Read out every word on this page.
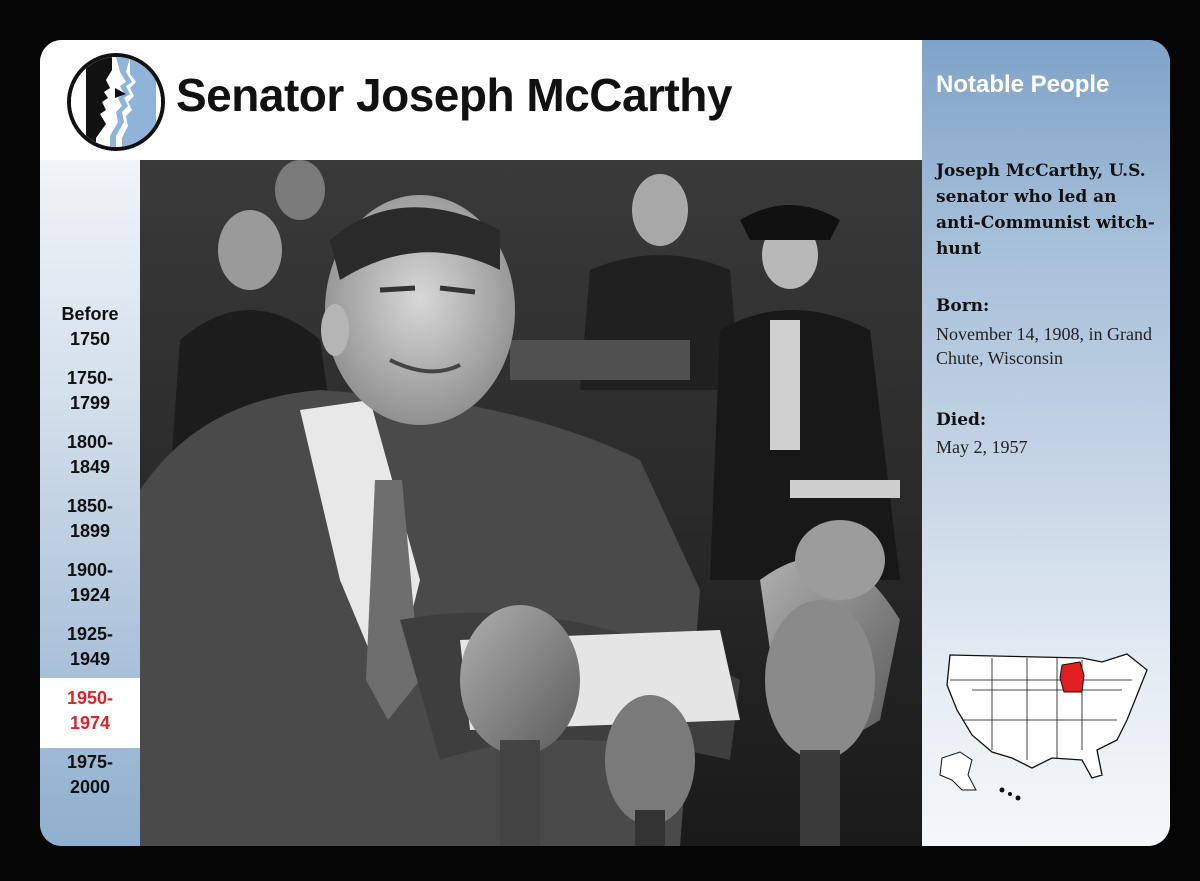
Senator Joseph McCarthy
Before
1750
1750-
1799
1800-
1849
1850-
1899
1900-
1924
1925-
1949
1950-
1974
1975-
2000
Notable People
Joseph McCarthy, U.S. senator who led an anti-Communist witch-hunt
Born:
November 14, 1908, in Grand Chute, Wisconsin
Died:
May 2, 1957
